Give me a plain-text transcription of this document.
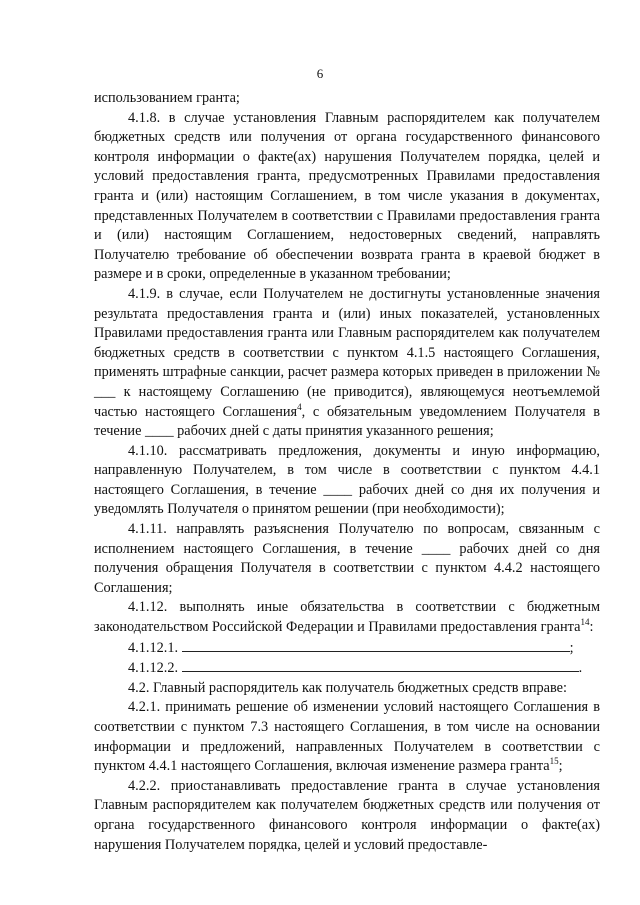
6

использованием гранта;

4.1.8. в случае установления Главным распорядителем как получателем бюджетных средств или получения от органа государственного финансового контроля информации о факте(ах) нарушения Получателем порядка, целей и условий предоставления гранта, предусмотренных Правилами предоставления гранта и (или) настоящим Соглашением, в том числе указания в документах, представленных Получателем в соответствии с Правилами предоставления гранта и (или) настоящим Соглашением, недостоверных сведений, направлять Получателю требование об обеспечении возврата гранта в краевой бюджет в размере и в сроки, определенные в указанном требовании;

4.1.9. в случае, если Получателем не достигнуты установленные значения результата предоставления гранта и (или) иных показателей, установленных Правилами предоставления гранта или Главным распорядителем как получателем бюджетных средств в соответствии с пунктом 4.1.5 настоящего Соглашения, применять штрафные санкции, расчет размера которых приведен в приложении № ___ к настоящему Соглашению (не приводится), являющемуся неотъемлемой частью настоящего Соглашения$^4$, с обязательным уведомлением Получателя в течение ____ рабочих дней с даты принятия указанного решения;

4.1.10. рассматривать предложения, документы и иную информацию, направленную Получателем, в том числе в соответствии с пунктом 4.4.1 настоящего Соглашения, в течение ____ рабочих дней со дня их получения и уведомлять Получателя о принятом решении (при необходимости);

4.1.11. направлять разъяснения Получателю по вопросам, связанным с исполнением настоящего Соглашения, в течение ____ рабочих дней со дня получения обращения Получателя в соответствии с пунктом 4.4.2 настоящего Соглашения;

4.1.12. выполнять иные обязательства в соответствии с бюджетным законодательством Российской Федерации и Правилами предоставления гранта$^{14}$:

4.1.12.1.	;

4.1.12.2.	.

4.2. Главный распорядитель как получатель бюджетных средств вправе:

4.2.1. принимать решение об изменении условий настоящего Соглашения в соответствии с пунктом 7.3 настоящего Соглашения, в том числе на основании информации и предложений, направленных Получателем в соответствии с пунктом 4.4.1 настоящего Соглашения, включая изменение размера гранта$^{15}$;

4.2.2. приостанавливать предоставление гранта в случае установления Главным распорядителем как получателем бюджетных средств или получения от органа государственного финансового контроля информации о факте(ах) нарушения Получателем порядка, целей и условий предоставле-
